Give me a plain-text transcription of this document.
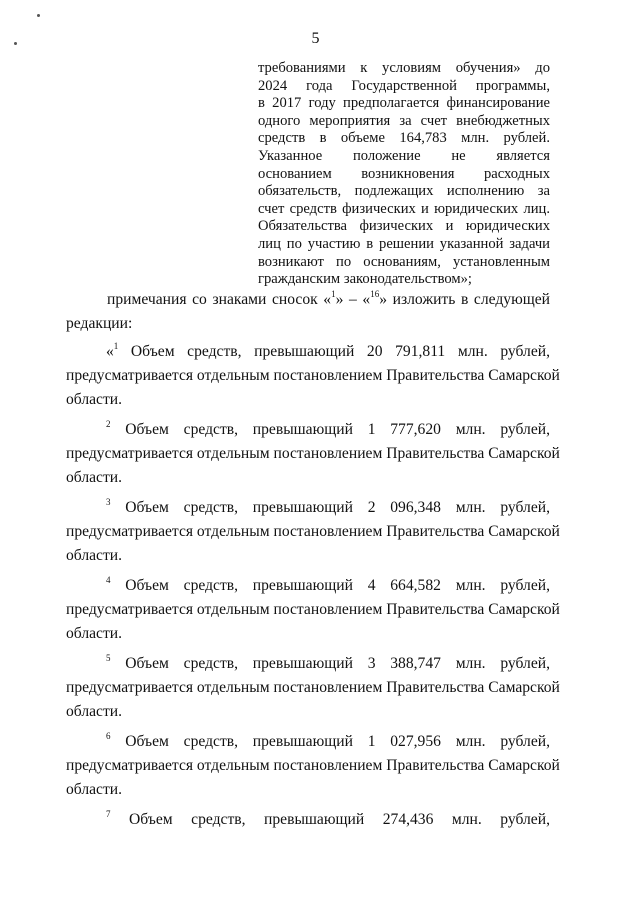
5
требованиями к условиям обучения» до
2024 года Государственной программы,
в 2017 году предполагается финансирование
одного мероприятия за счет внебюджетных
средств в объеме 164,783 млн. рублей.
Указанное положение не является
основанием возникновения расходных
обязательств, подлежащих исполнению за
счет средств физических и юридических лиц.
Обязательства физических и юридических
лиц по участию в решении указанной задачи
возникают по основаниям, установленным
гражданским законодательством»;
примечания со знаками сносок «$^1$» – «$^{16}$» изложить в следующей
редакции:
«$^1$ Объем средств, превышающий 20 791,811 млн. рублей,
предусматривается отдельным постановлением Правительства Самарской
области.
$^2$ Объем средств, превышающий 1 777,620 млн. рублей,
предусматривается отдельным постановлением Правительства Самарской
области.
$^3$ Объем средств, превышающий 2 096,348 млн. рублей,
предусматривается отдельным постановлением Правительства Самарской
области.
$^4$ Объем средств, превышающий 4 664,582 млн. рублей,
предусматривается отдельным постановлением Правительства Самарской
области.
$^5$ Объем средств, превышающий 3 388,747 млн. рублей,
предусматривается отдельным постановлением Правительства Самарской
области.
$^6$ Объем средств, превышающий 1 027,956 млн. рублей,
предусматривается отдельным постановлением Правительства Самарской
области.
$^7$ Объем средств, превышающий 274,436 млн. рублей,
